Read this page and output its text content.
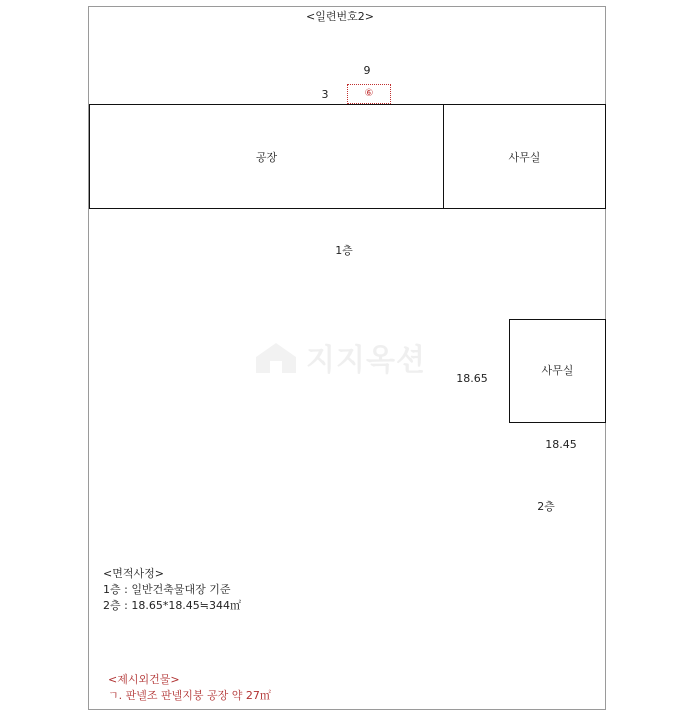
<일련번호2>
9
3	⑥
공장	사무실
1층
지지옥션	사무실
18.65
18.45
2층
<면적사정>
1층 : 일반건축물대장 기준
2층 : 18.65*18.45≒344㎡
<제시외건물>
ㄱ. 판넬조 판넬지붕 공장 약 27㎡
